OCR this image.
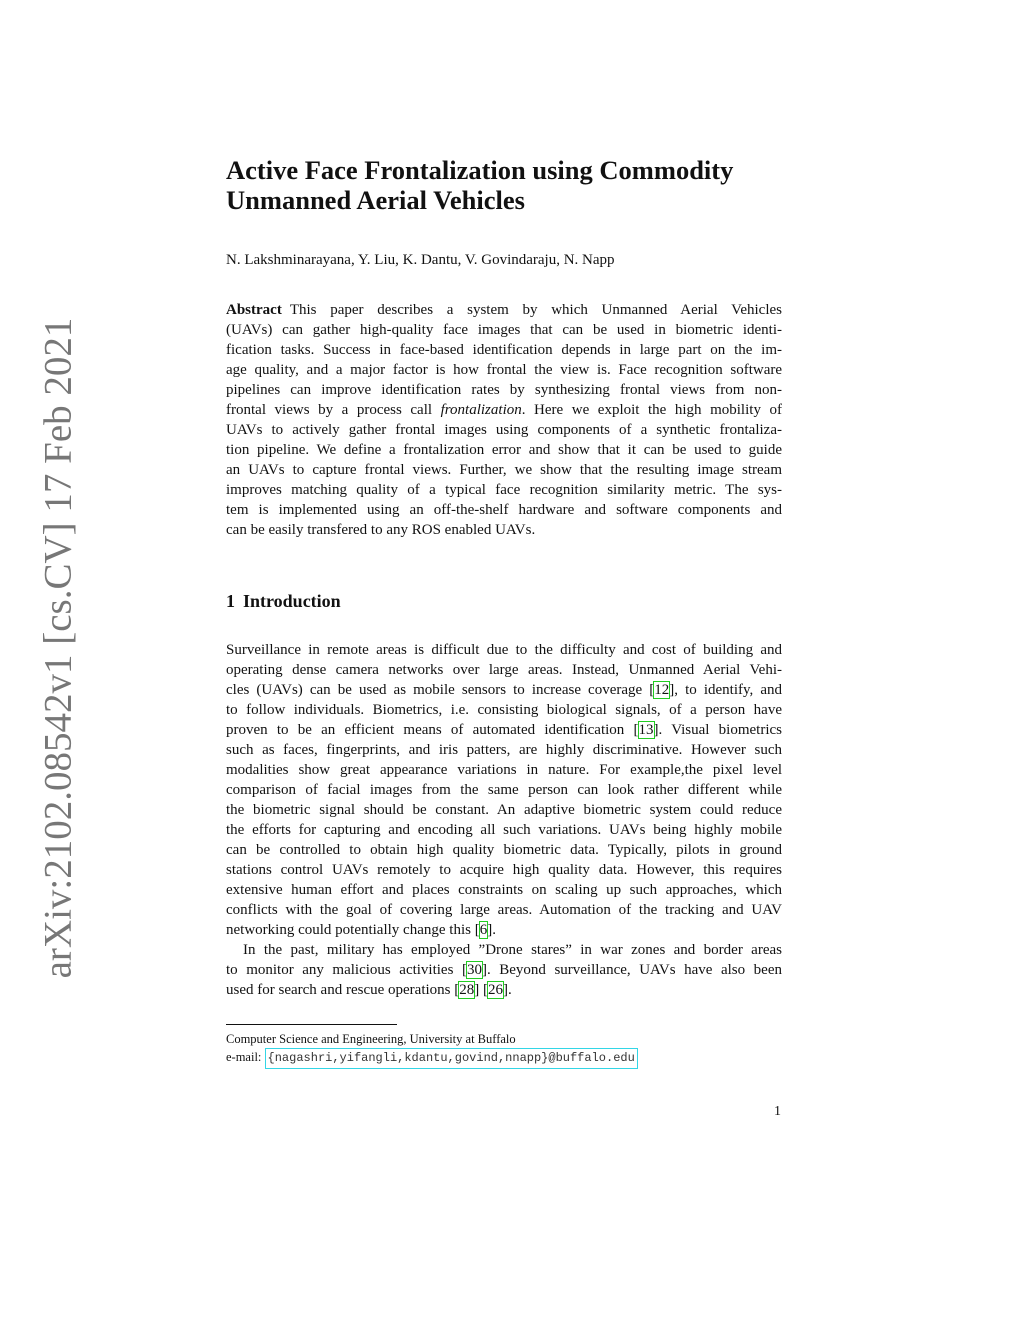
arXiv:2102.08542v1 [cs.CV] 17 Feb 2021
Active Face Frontalization using Commodity
Unmanned Aerial Vehicles

N. Lakshminarayana, Y. Liu, K. Dantu, V. Govindaraju, N. Napp

Abstract This paper describes a system by which Unmanned Aerial Vehicles
(UAVs) can gather high-quality face images that can be used in biometric identi-
fication tasks. Success in face-based identification depends in large part on the im-
age quality, and a major factor is how frontal the view is. Face recognition software
pipelines can improve identification rates by synthesizing frontal views from non-
frontal views by a process call frontalization. Here we exploit the high mobility of
UAVs to actively gather frontal images using components of a synthetic frontaliza-
tion pipeline. We define a frontalization error and show that it can be used to guide
an UAVs to capture frontal views. Further, we show that the resulting image stream
improves matching quality of a typical face recognition similarity metric. The sys-
tem is implemented using an off-the-shelf hardware and software components and
can be easily transfered to any ROS enabled UAVs.
1 Introduction
Surveillance in remote areas is difficult due to the difficulty and cost of building and
operating dense camera networks over large areas. Instead, Unmanned Aerial Vehi-
cles (UAVs) can be used as mobile sensors to increase coverage [12], to identify, and
to follow individuals. Biometrics, i.e. consisting biological signals, of a person have
proven to be an efficient means of automated identification [13]. Visual biometrics
such as faces, fingerprints, and iris patters, are highly discriminative. However such
modalities show great appearance variations in nature. For example,the pixel level
comparison of facial images from the same person can look rather different while
the biometric signal should be constant. An adaptive biometric system could reduce
the efforts for capturing and encoding all such variations. UAVs being highly mobile
can be controlled to obtain high quality biometric data. Typically, pilots in ground
stations control UAVs remotely to acquire high quality data. However, this requires
extensive human effort and places constraints on scaling up such approaches, which
conflicts with the goal of covering large areas. Automation of the tracking and UAV
networking could potentially change this [6].
In the past, military has employed ”Drone stares” in war zones and border areas
to monitor any malicious activities [30]. Beyond surveillance, UAVs have also been
used for search and rescue operations [28] [26].

Computer Science and Engineering, University at Buffalo

e-mail: {nagashri,yifangli,kdantu,govind,nnapp}@buffalo.edu

1
